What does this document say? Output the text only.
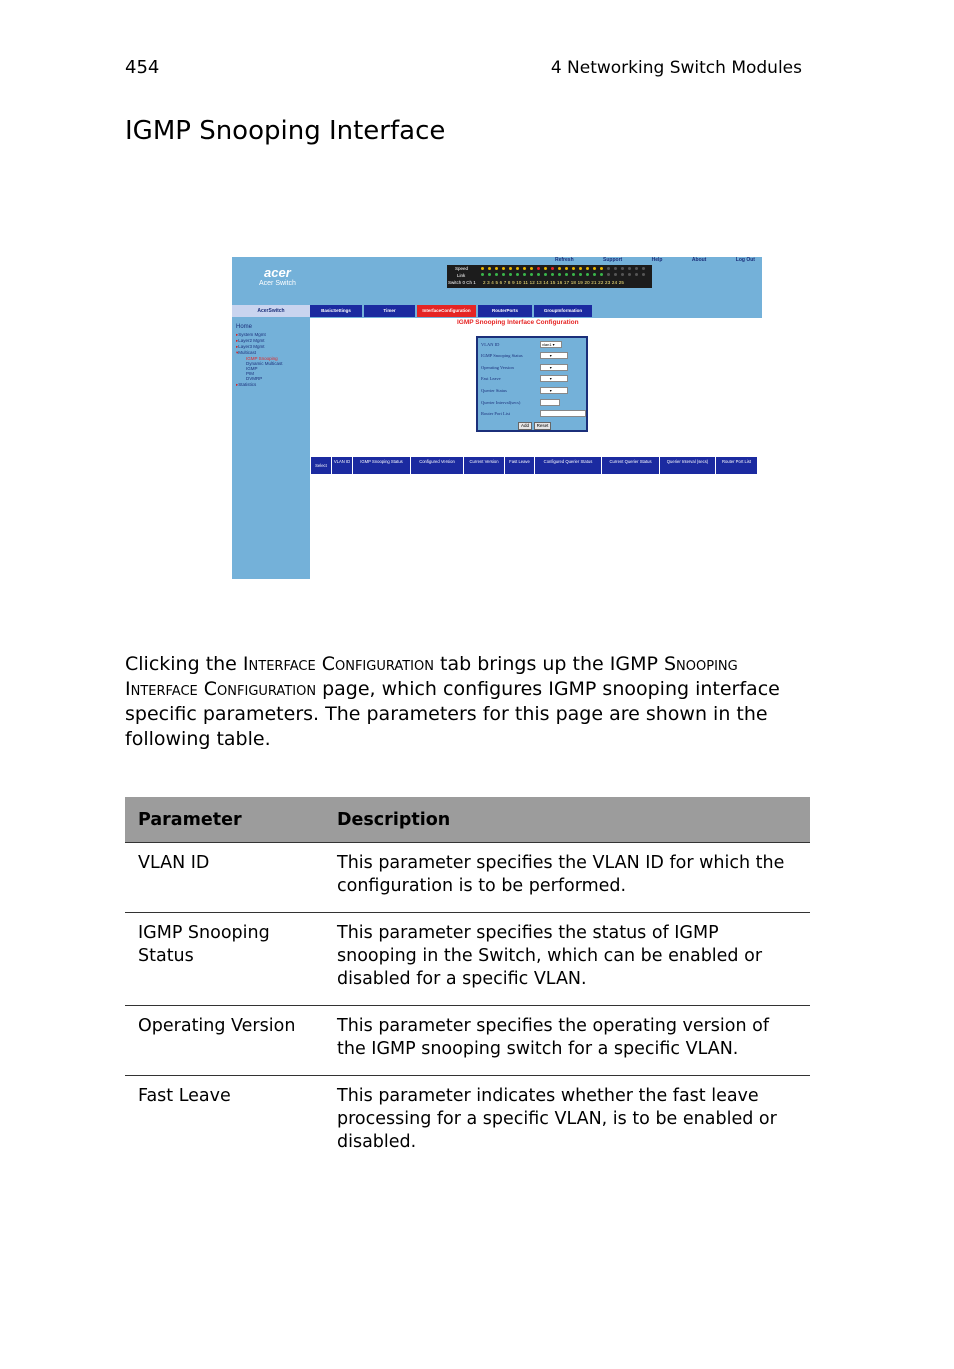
454	4 Networking Switch Modules
IGMP Snooping Interface
acer
Acer Switch
Refresh	Support	Help	About	Log Out
Speed
Link
Switch 0 Ch 1 2 3 4 5 6 7 8 9 10 11 12 13 14 15 16 17 18 19 20 21 22 23 24 25
Home
▸System Mgmt
▸Layer2 Mgmt
▸Layer3 Mgmt
▾Multicast
IGMP Snooping
Dynamic Multicast
IGMP
PIM
DVMRP
▸Statistics
AcerSwitch	BasicSettings	Timer	InterfaceConfiguration	RouterPorts	GroupInformation
IGMP Snooping Interface Configuration
VLAN ID	vlan1 ▾
IGMP Snooping Status	▾
Operating Version	▾
Fast Leave	▾
Querier Status	▾
Querier Interval(secs)
Router Port List
Add	Reset
Select
VLAN ID	IGMP Snooping Status	Configured Version	Current Version	Fast Leave	Configured Querier Status	Current Querier Status	Querier Interval (secs)	Router Port List

Clicking the Interface Configuration tab brings up the IGMP Snooping Interface Configuration page, which configures IGMP snooping interface specific parameters. The parameters for this page are shown in the following table.

Parameter	Description
VLAN ID	This parameter specifies the VLAN ID for which the configuration is to be performed.
IGMP Snooping Status	This parameter specifies the status of IGMP snooping in the Switch, which can be enabled or disabled for a specific VLAN.
Operating Version	This parameter specifies the operating version of the IGMP snooping switch for a specific VLAN.
Fast Leave	This parameter indicates whether the fast leave processing for a specific VLAN, is to be enabled or disabled.
